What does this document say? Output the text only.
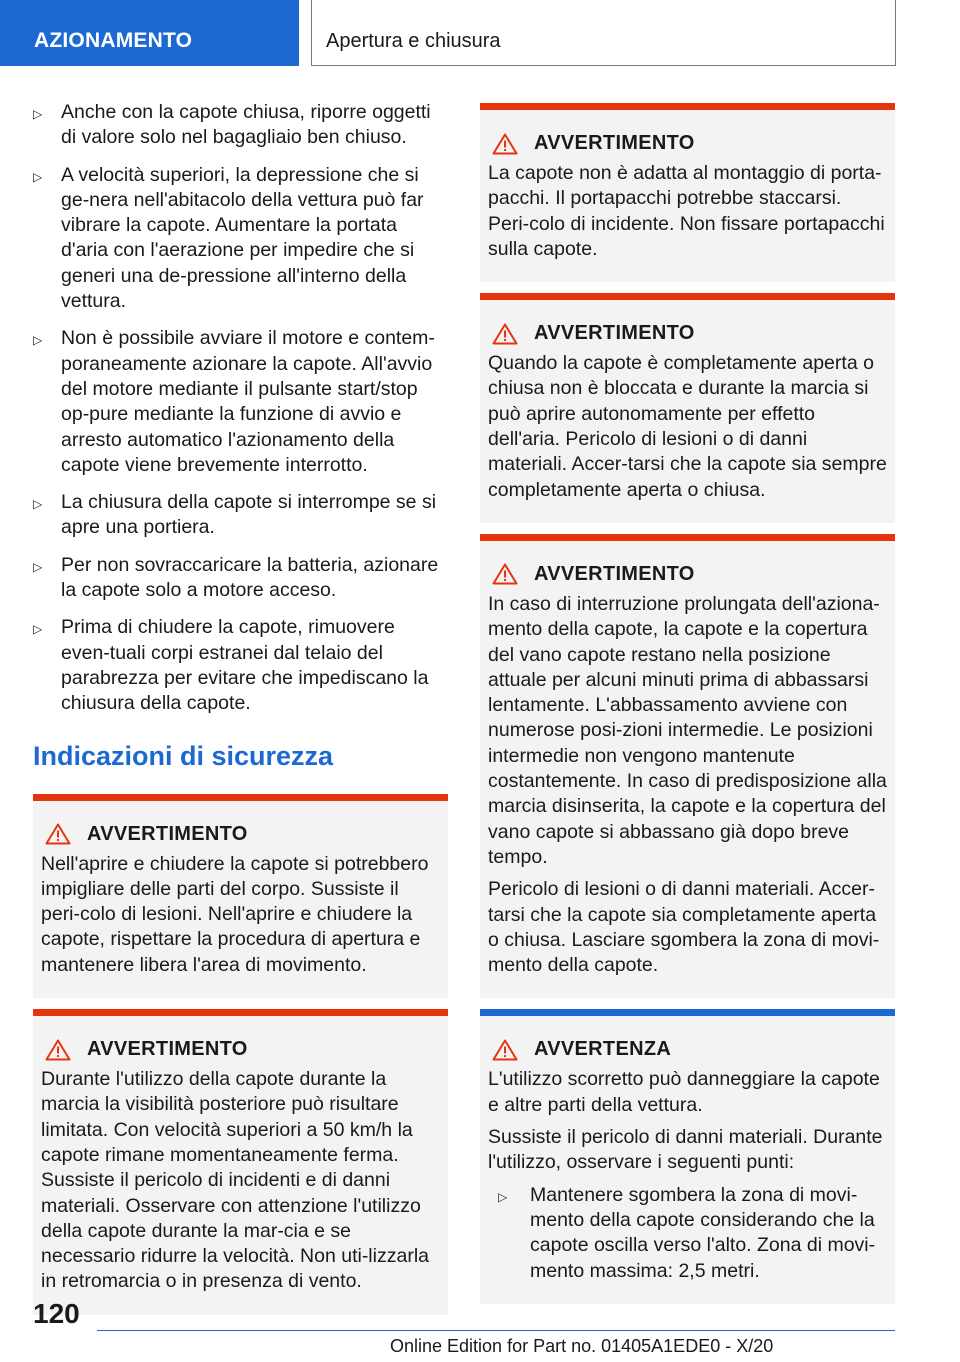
AZIONAMENTO	Apertura e chiusura
▷ Anche con la capote chiusa, riporre oggetti di valore solo nel bagagliaio ben chiuso.
▷ A velocità superiori, la depressione che si ge‐nera nell'abitacolo della vettura può far vibrare la capote. Aumentare la portata d'aria con l'aerazione per impedire che si generi una de‐pressione all'interno della vettura.
▷ Non è possibile avviare il motore e contem‐poraneamente azionare la capote. All'avvio del motore mediante il pulsante start/stop op‐pure mediante la funzione di avvio e arresto automatico l'azionamento della capote viene brevemente interrotto.
▷ La chiusura della capote si interrompe se si apre una portiera.
▷ Per non sovraccaricare la batteria, azionare la capote solo a motore acceso.
▷ Prima di chiudere la capote, rimuovere even‐tuali corpi estranei dal telaio del parabrezza per evitare che impediscano la chiusura della capote.
Indicazioni di sicurezza
AVVERTIMENTO

Nell'aprire e chiudere la capote si potrebbero impigliare delle parti del corpo. Sussiste il peri‐colo di lesioni. Nell'aprire e chiudere la capote, rispettare la procedura di apertura e mantenere libera l'area di movimento.

AVVERTIMENTO

Durante l'utilizzo della capote durante la marcia la visibilità posteriore può risultare limitata. Con velocità superiori a 50 km/h la capote rimane momentaneamente ferma. Sussiste il pericolo di incidenti e di danni materiali. Osservare con attenzione l'utilizzo della capote durante la mar‐cia e se necessario ridurre la velocità. Non uti‐lizzarla in retromarcia o in presenza di vento.

AVVERTIMENTO

La capote non è adatta al montaggio di porta‐pacchi. Il portapacchi potrebbe staccarsi. Peri‐colo di incidente. Non fissare portapacchi sulla capote.

AVVERTIMENTO

Quando la capote è completamente aperta o chiusa non è bloccata e durante la marcia si può aprire autonomamente per effetto dell'aria. Pericolo di lesioni o di danni materiali. Accer‐tarsi che la capote sia sempre completamente aperta o chiusa.

AVVERTIMENTO

In caso di interruzione prolungata dell'aziona‐mento della capote, la capote e la copertura del vano capote restano nella posizione attuale per alcuni minuti prima di abbassarsi lentamente. L'abbassamento avviene con numerose posi‐zioni intermedie. Le posizioni intermedie non vengono mantenute costantemente. In caso di predisposizione alla marcia disinserita, la capote e la copertura del vano capote si abbassano già dopo breve tempo.

Pericolo di lesioni o di danni materiali. Accer‐tarsi che la capote sia completamente aperta o chiusa. Lasciare sgombera la zona di movi‐mento della capote.

AVVERTENZA

L'utilizzo scorretto può danneggiare la capote e altre parti della vettura.

Sussiste il pericolo di danni materiali. Durante l'utilizzo, osservare i seguenti punti:

▷	Mantenere sgombera la zona di movi‐mento della capote considerando che la capote oscilla verso l'alto. Zona di movi‐mento massima: 2,5 metri.
120
Online Edition for Part no. 01405A1EDE0 - X/20
